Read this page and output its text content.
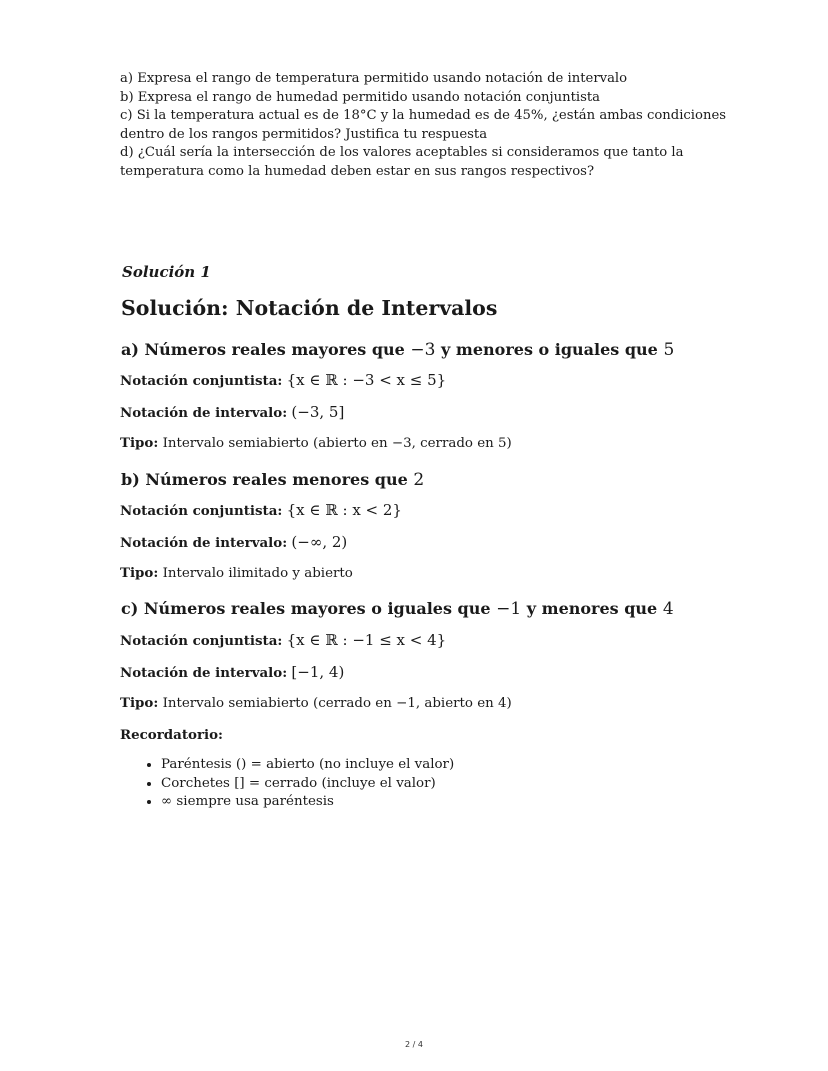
a) Expresa el rango de temperatura permitido usando notación de intervalo
b) Expresa el rango de humedad permitido usando notación conjuntista
c) Si la temperatura actual es de 18°C y la humedad es de 45%, ¿están ambas condiciones
dentro de los rangos permitidos? Justifica tu respuesta
d) ¿Cuál sería la intersección de los valores aceptables si consideramos que tanto la
temperatura como la humedad deben estar en sus rangos respectivos?
Solución 1
Solución: Notación de Intervalos
a) Números reales mayores que −3 y menores o iguales que 5
Notación conjuntista: {x ∈ ℝ : −3 < x ≤ 5}
Notación de intervalo: (−3, 5]
Tipo: Intervalo semiabierto (abierto en −3, cerrado en 5)
b) Números reales menores que 2
Notación conjuntista: {x ∈ ℝ : x < 2}
Notación de intervalo: (−∞, 2)
Tipo: Intervalo ilimitado y abierto
c) Números reales mayores o iguales que −1 y menores que 4
Notación conjuntista: {x ∈ ℝ : −1 ≤ x < 4}
Notación de intervalo: [−1, 4)
Tipo: Intervalo semiabierto (cerrado en −1, abierto en 4)
Recordatorio:
• Paréntesis () = abierto (no incluye el valor)
• Corchetes [] = cerrado (incluye el valor)
• ∞ siempre usa paréntesis
2 / 4
